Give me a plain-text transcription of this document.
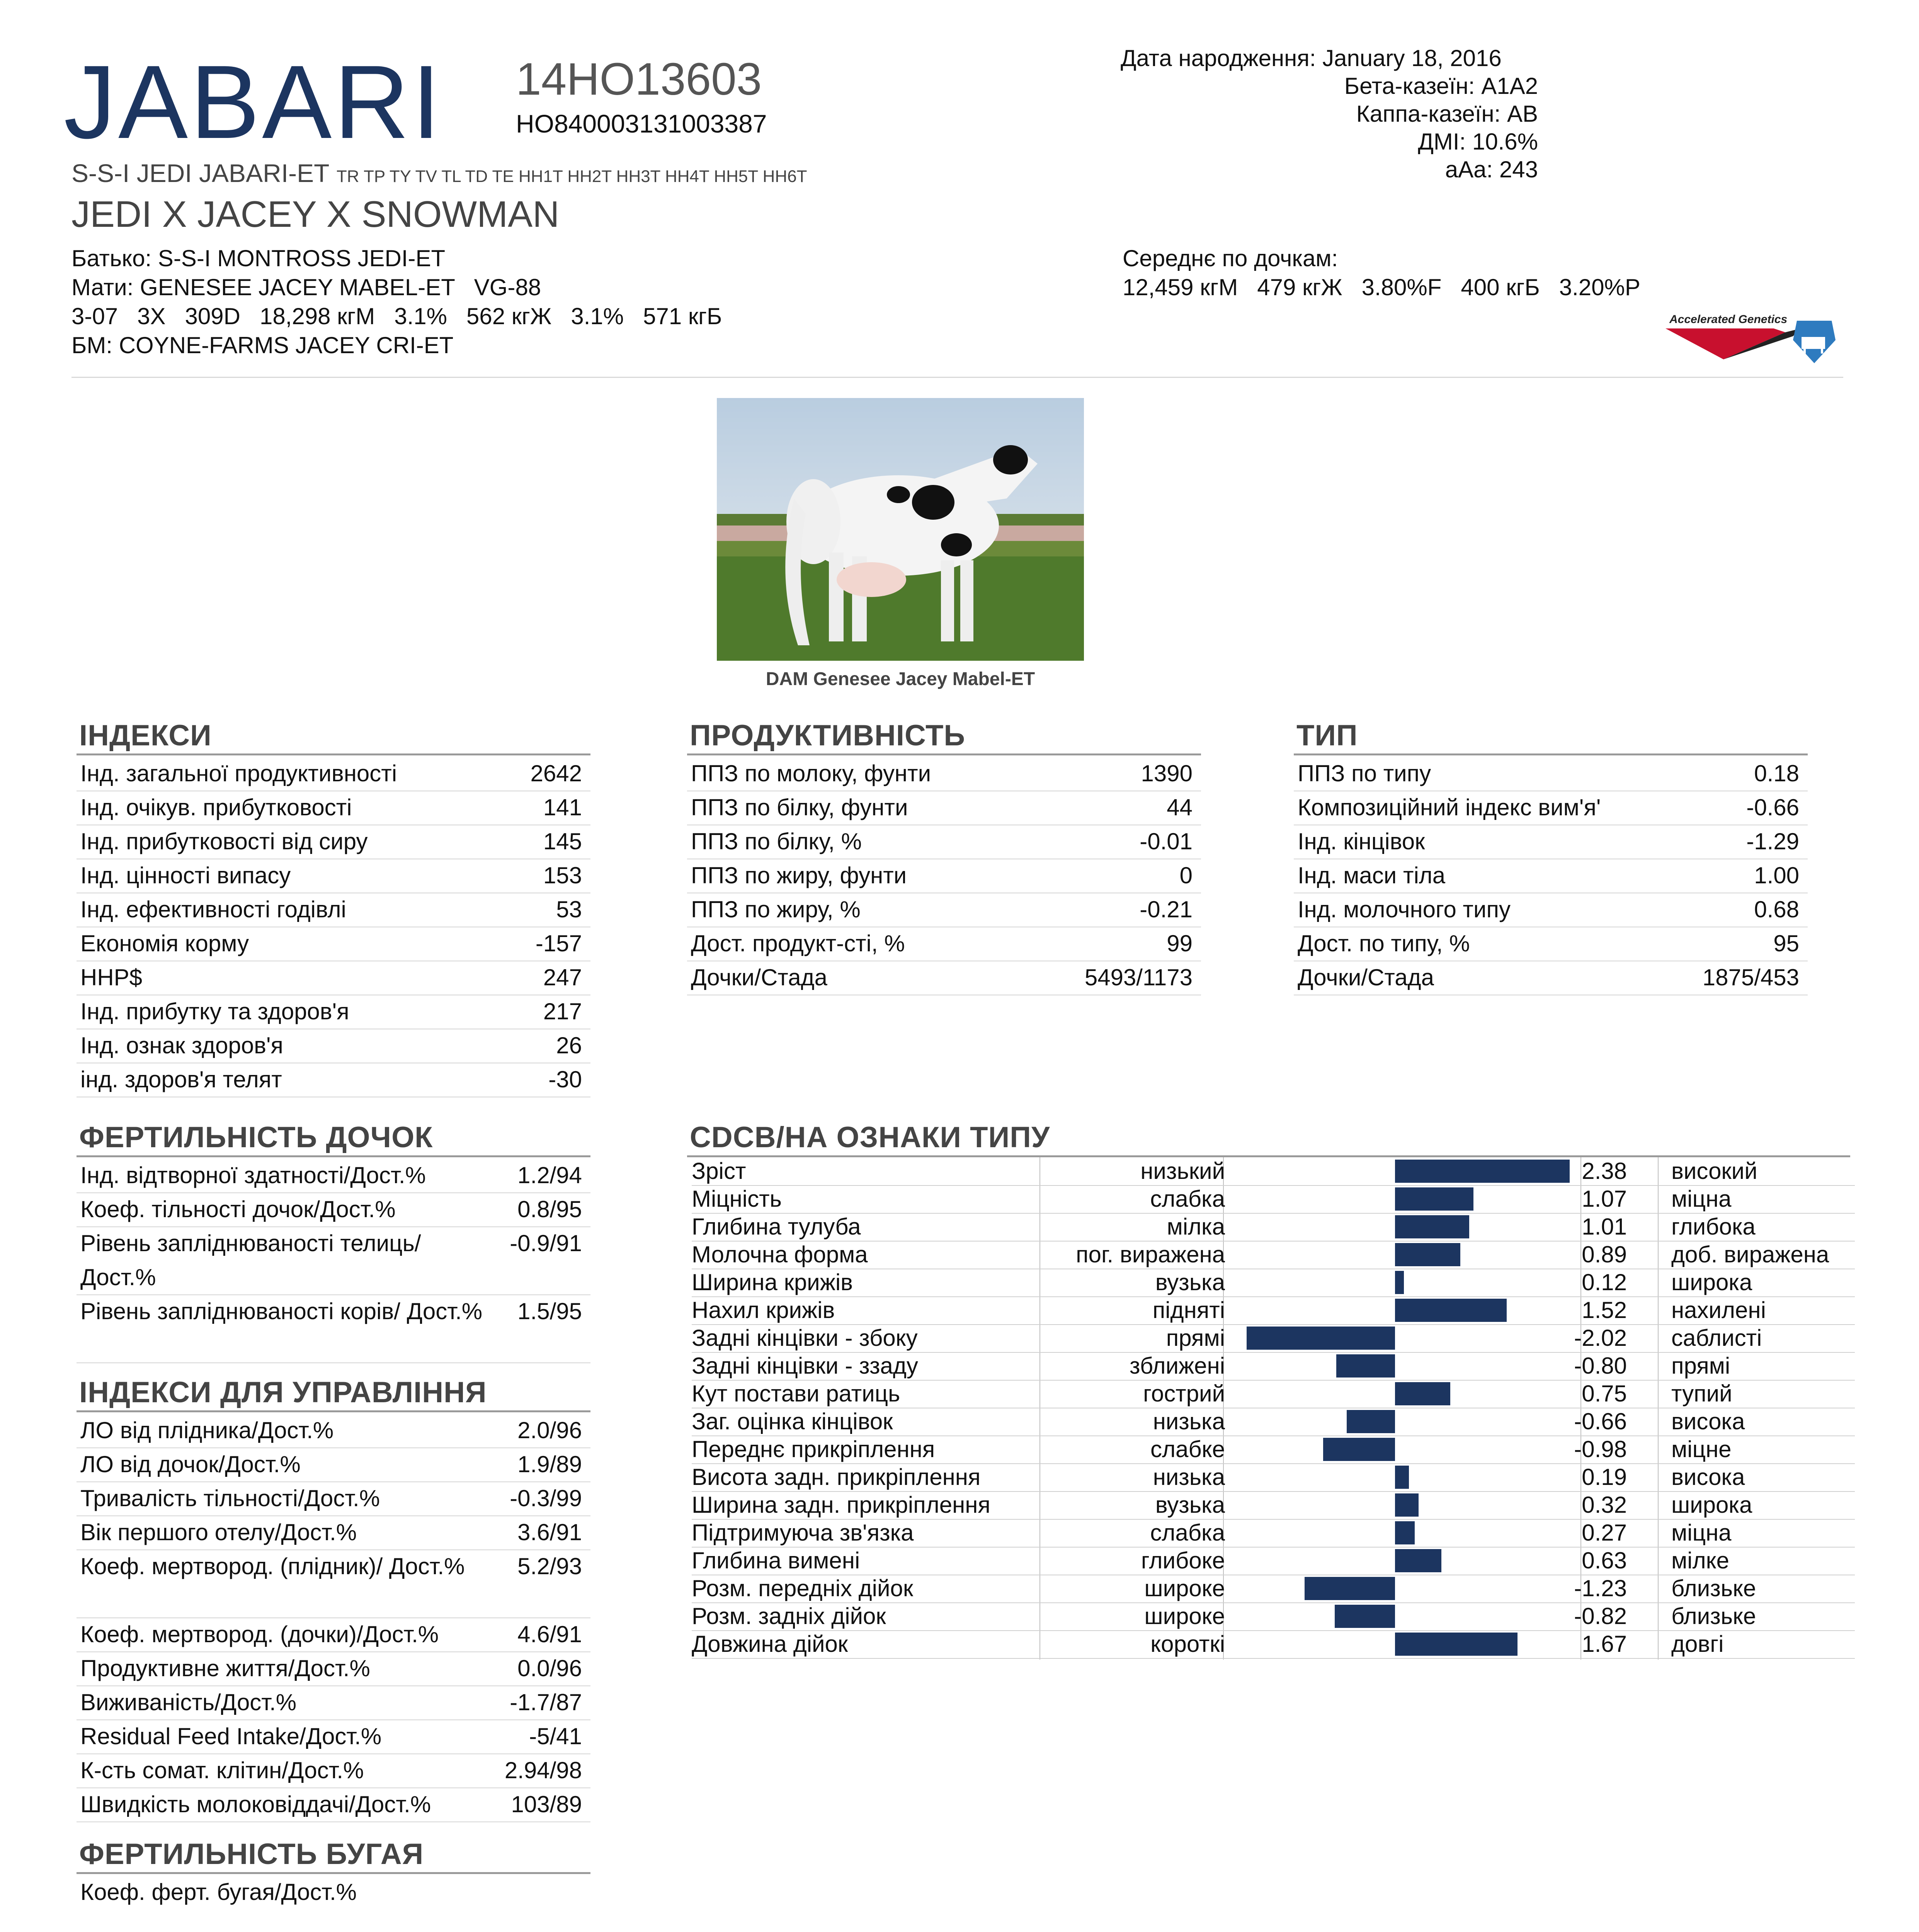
JABARI 14HO13603
HO840003131003387
S-S-I JEDI JABARI-ET TR TP TY TV TL TD TE HH1T HH2T HH3T HH4T HH5T HH6T
JEDI X JACEY X SNOWMAN
Батько: S-S-I MONTROSS JEDI-ET
Мати: GENESEE JACEY MABEL-ET   VG-88
3-07   3X   309D   18,298 кгМ   3.1%   562 кгЖ   3.1%   571 кгБ
БМ: COYNE-FARMS JACEY CRI-ET
Дата народження: January 18, 2016
Бета-казеїн: A1A2
Каппа-казеїн: AB
ДМІ: 10.6%
aAa: 243
Середнє по дочкам:
12,459 кгМ   479 кгЖ   3.80%F   400 кгБ   3.20%P
Accelerated Genetics
DAM Genesee Jacey Mabel-ET
ІНДЕКСИ
Інд. загальної продуктивності	2642
Інд. очікув. прибутковості	141
Інд. прибутковості від сиру	145
Інд. цінності випасу	153
Інд. ефективності годівлі	53
Економія корму	-157
HHP$	247
Інд. прибутку та здоров'я	217
Інд. ознак здоров'я	26
інд. здоров'я телят	-30
ПРОДУКТИВНІСТЬ
ППЗ по молоку, фунти	1390
ППЗ по білку, фунти	44
ППЗ по білку, %	-0.01
ППЗ по жиру, фунти	0
ППЗ по жиру, %	-0.21
Дост. продукт-сті, %	99
Дочки/Стада	5493/1173
ТИП
ППЗ по типу	0.18
Композиційний індекс вим'я'	-0.66
Інд. кінцівок	-1.29
Інд. маси тіла	1.00
Інд. молочного типу	0.68
Дост. по типу, %	95
Дочки/Стада	1875/453
ФЕРТИЛЬНІСТЬ ДОЧОК
Інд. відтворної здатності/Дост.%	1.2/94
Коеф. тільності дочок/Дост.%	0.8/95
Рівень запліднюваності телиць/ Дост.%
-0.9/91
Рівень запліднюваності корів/ Дост.%	1.5/95
ІНДЕКСИ ДЛЯ УПРАВЛІННЯ
ЛО від плідника/Дост.%	2.0/96
ЛО від дочок/Дост.%	1.9/89
Тривалість тільності/Дост.%	-0.3/99
Вік першого отелу/Дост.%	3.6/91
Коеф. мертвород. (плідник)/ Дост.%	5.2/93
Коеф. мертвород. (дочки)/Дост.%	4.6/91
Продуктивне життя/Дост.%	0.0/96
Виживаність/Дост.%	-1.7/87
Residual Feed Intake/Дост.%	-5/41
К-сть сомат. клітин/Дост.%	2.94/98
Швидкість молоковіддачі/Дост.%	103/89
ФЕРТИЛЬНІСТЬ БУГАЯ
Коеф. ферт. бугая/Дост.%
CDCB/НА ОЗНАКИ ТИПУ
Зріст	низький	2.38 високий
Міцність	слабка	1.07 міцна
Глибина тулуба	мілка	1.01 глибока
Молочна форма	пог. виражена	0.89 доб. виражена
Ширина крижів	вузька	0.12 широка
Нахил крижів	підняті	1.52 нахилені
Задні кінцівки - збоку	прямі	-2.02 саблисті
Задні кінцівки - ззаду	зближені	-0.80 прямі
Кут постави ратиць	гострий	0.75 тупий
Заг. оцінка кінцівок	низька	-0.66 висока
Переднє прикріплення	слабке	-0.98 міцне
Висота задн. прикріплення	низька	0.19 висока
Ширина задн. прикріплення	вузька	0.32 широка
Підтримуюча зв'язка	слабка	0.27 міцна
Глибина вимені	глибоке	0.63 мілке
Розм. передніх дійок	широке	-1.23 близьке
Розм. задніх дійок	широке	-0.82 близьке
Довжина дійок	короткі	1.67 довгі
